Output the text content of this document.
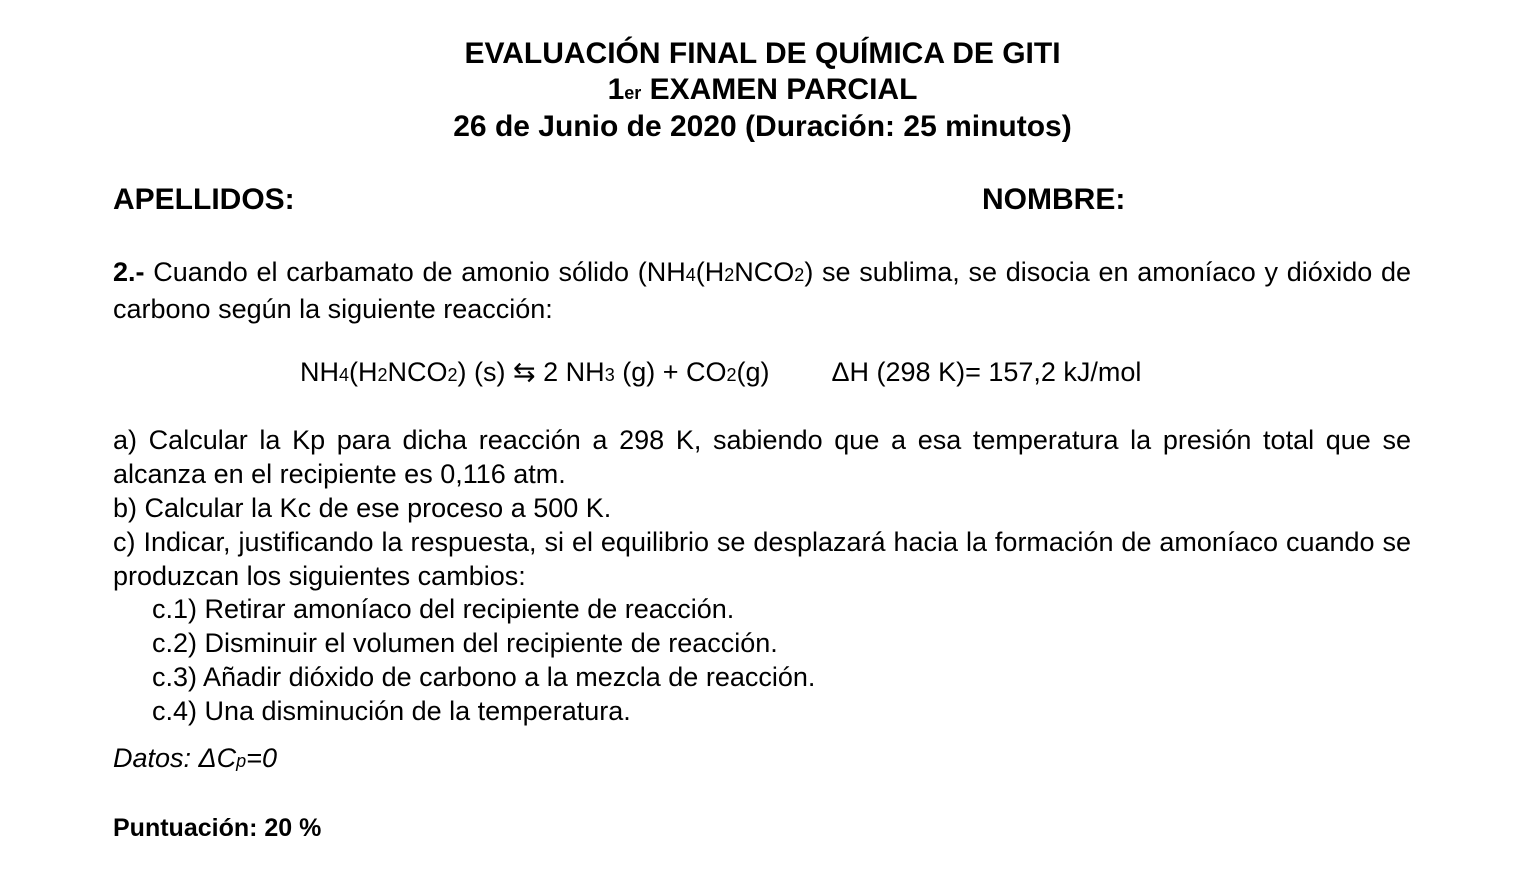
EVALUACIÓN FINAL DE QUÍMICA DE GITI
1er EXAMEN PARCIAL
26 de Junio de 2020 (Duración: 25 minutos)
APELLIDOS:	NOMBRE:
2.- Cuando el carbamato de amonio sólido (NH4(H2NCO2) se sublima, se disocia en amoníaco y dióxido de carbono según la siguiente reacción:
NH4(H2NCO2) (s) ⇆ 2 NH3 (g) + CO2(g) ΔH (298 K)= 157,2 kJ/mol
a) Calcular la Kp para dicha reacción a 298 K, sabiendo que a esa temperatura la presión total que se alcanza en el recipiente es 0,116 atm.
b) Calcular la Kc de ese proceso a 500 K.
c) Indicar, justificando la respuesta, si el equilibrio se desplazará hacia la formación de amoníaco cuando se produzcan los siguientes cambios:
c.1) Retirar amoníaco del recipiente de reacción.
c.2) Disminuir el volumen del recipiente de reacción.
c.3) Añadir dióxido de carbono a la mezcla de reacción.
c.4) Una disminución de la temperatura.
Datos: ΔCp=0
Puntuación: 20 %
